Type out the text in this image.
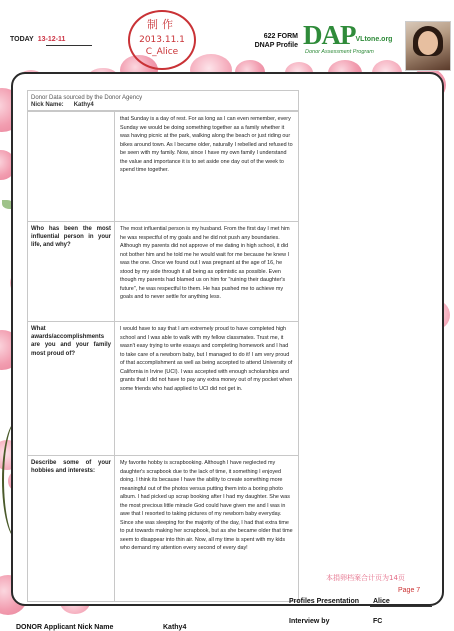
TODAY 13-12-11
制作
2013.11.1
C_Alice
622 FORM
DNAP Profile DAPVLtone.org
Donor Assessment Program
Donor Data sourced by the Donor Agency
Nick Name: Kathy4
	that Sunday is a day of rest. For as long as I can even remember, every Sunday we would be doing something together as a family whether it was having picnic at the park, walking along the beach or just riding our bikes around town. As I became older, naturally I rebelled and refused to be seen with my family. Now, since I have my own family I understand the value and importance it is to set aside one day out of the week to spend time together.
Who has been the most influential person in your life, and why?	The most influential person is my husband. From the first day I met him he was respectful of my goals and he did not push any boundaries. Although my parents did not approve of me dating in high school, it did not bother him and he told me he would wait for me because he knew I was the one. Once we found out I was pregnant at the age of 16, he stood by my side through it all being as optimistic as possible. Even though my parents had blamed us on him for "ruining their daughter's future", he was respectful to them. He has pushed me to achieve my goals and to never settle for anything less.
What awards/accomplishments are you and your family most proud of?	I would have to say that I am extremely proud to have completed high school and I was able to walk with my fellow classmates. Trust me, it wasn't easy trying to write essays and completing homework and I had to take care of a newborn baby, but I managed to do it! I am very proud of that accomplishment as well as being accepted to attend University of California in Irvine (UCI). I was accepted with enough scholarships and grants that I did not have to pay any extra money out of my pocket when some friends who had applied to UCI did not get in.
Describe some of your hobbies and interests:	My favorite hobby is scrapbooking. Although I have neglected my daughter's scrapbook due to the lack of time, it something I enjoyed doing. I think its because I have the ability to create something more meaningful out of the photos versus putting them into a boring photo album. I had picked up scrap booking after I had my daughter. She was the most precious little miracle God could have given me and I was in awe that I resorted to taking pictures of my newborn baby everyday. Since she was sleeping for the majority of the day, I had that extra time to put towards making her scrapbook, but as she became older that time seem to disappear into thin air. Now, all my time is spent with my kids who demand my attention every second of every day!
本捐卵档案合计页为14页
Page 7
Profiles Presentation Alice
Interview by	FC
DONOR Applicant Nick Name	Kathy4
